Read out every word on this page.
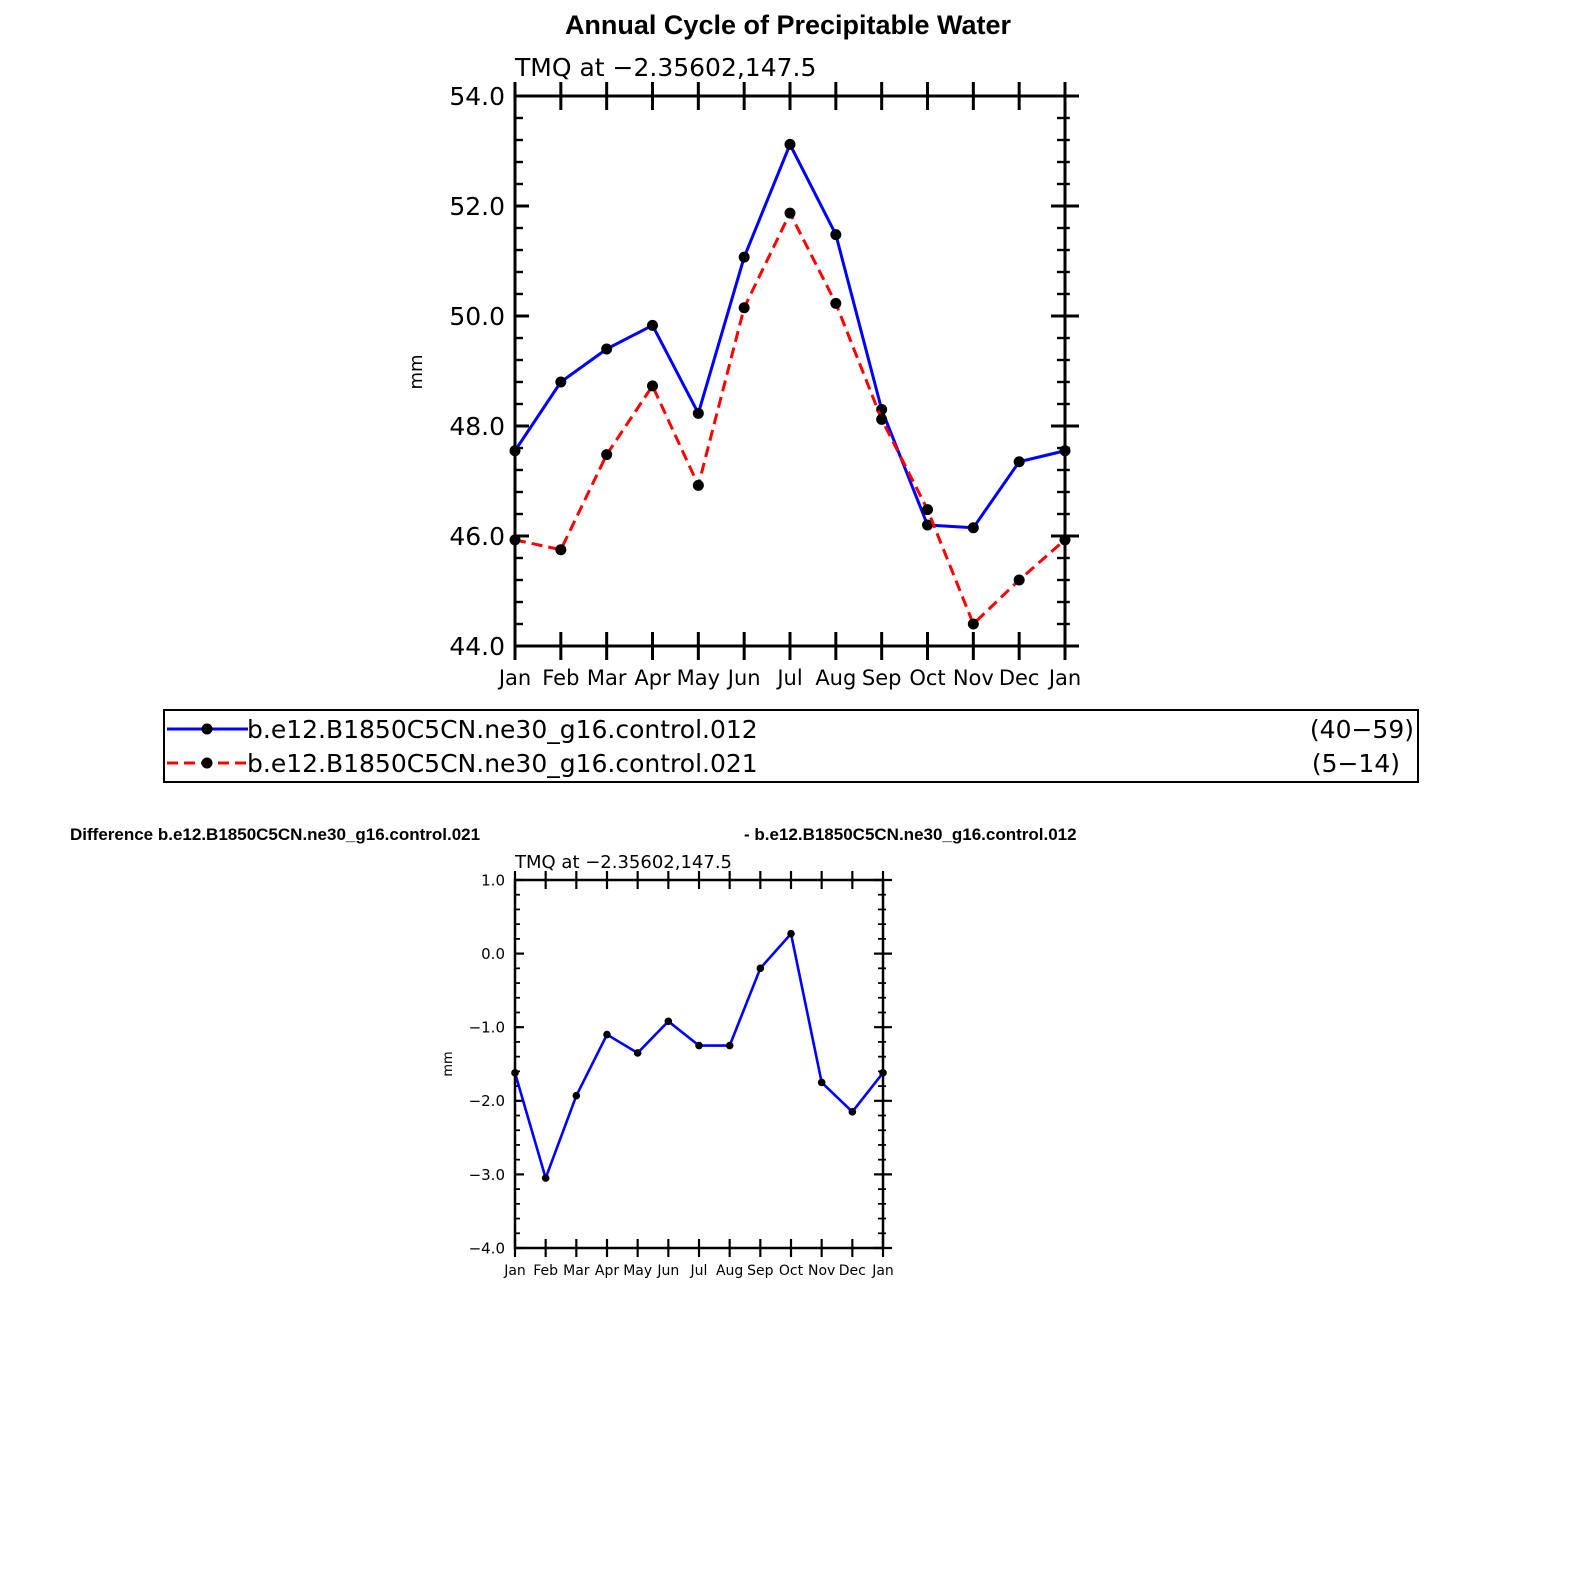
Annual Cycle of Precipitable Water
TMQ at −2.35602,147.5
mm
54.0
52.0
50.0
48.0
46.0
44.0
Jan Feb Mar Apr May Jun Jul Aug Sep Oct Nov Dec Jan
b.e12.B1850C5CN.ne30_g16.control.012	(40−59)
b.e12.B1850C5CN.ne30_g16.control.021	(5−14)
Difference b.e12.B1850C5CN.ne30_g16.control.021	- b.e12.B1850C5CN.ne30_g16.control.012
TMQ at −2.35602,147.5
mm
1.0
0.0
−1.0
−2.0
−3.0
−4.0
Jan Feb Mar Apr May Jun Jul Aug Sep Oct Nov Dec Jan
